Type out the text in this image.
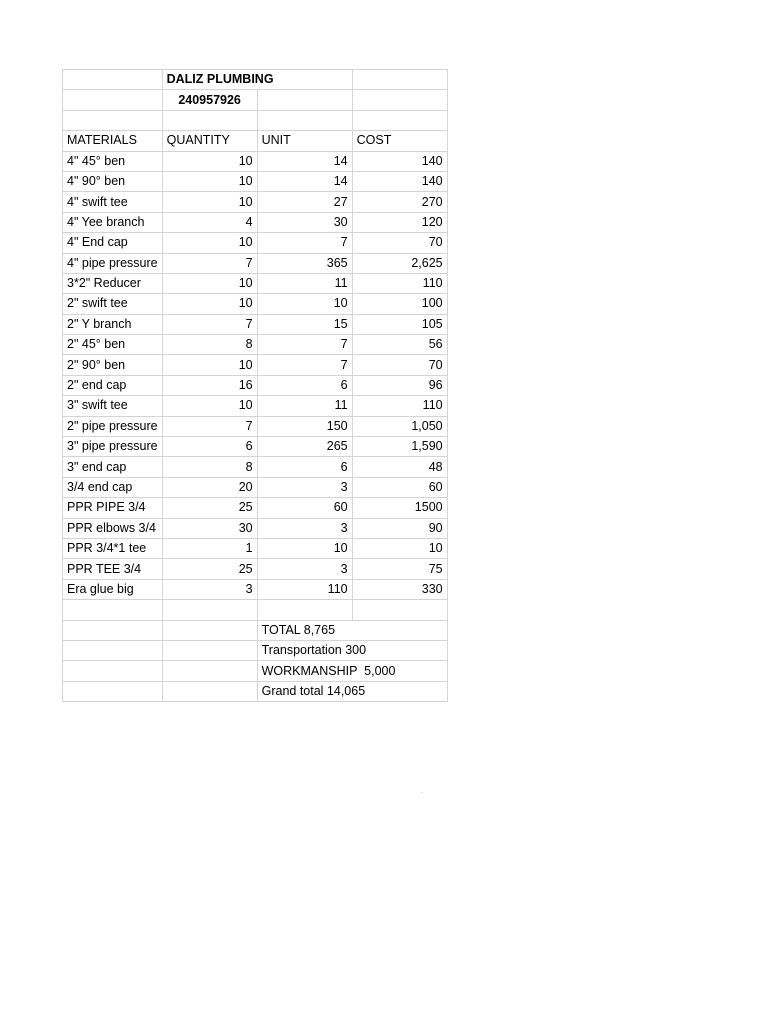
	DALIZ PLUMBING		
	240957926		

MATERIALS	QUANTITY	UNIT	COST
4" 45° ben	10	14	140
4" 90° ben	10	14	140
4" swift tee	10	27	270
4" Yee branch	4	30	120
4" End cap	10	7	70
4" pipe pressure	7	365	2,625
3*2" Reducer	10	11	110
2" swift tee	10	10	100
2" Y branch	7	15	105
2" 45° ben	8	7	56
2" 90° ben	10	7	70
2" end cap	16	6	96
3" swift tee	10	11	110
2" pipe pressure	7	150	1,050
3" pipe pressure	6	265	1,590
3" end cap	8	6	48
3/4 end cap	20	3	60
PPR PIPE 3/4	25	60	1500
PPR elbows 3/4	30	3	90
PPR 3/4*1 tee	1	10	10
PPR TEE 3/4	25	3	75
Era glue big	3	110	330

		TOTAL 8,765	
		Transportation 300	
		WORKMANSHIP  5,000	
		Grand total 14,065	
